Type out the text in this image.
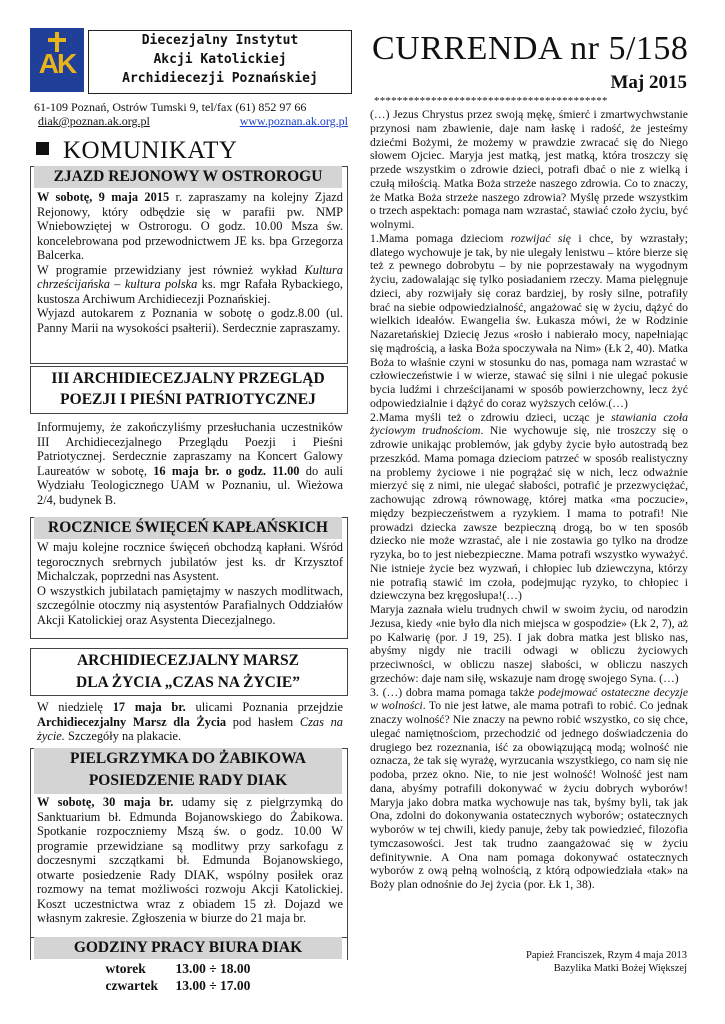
AK
Diecezjalny Instytut
Akcji Katolickiej
Archidiecezji Poznańskiej
61-109 Poznań, Ostrów Tumski 9, tel/fax (61) 852 97 66
diak@poznan.ak.org.pl	www.poznan.ak.org.pl
KOMUNIKATY
CURRENDA nr 5/158
Maj 2015
*****************************************
ZJAZD REJONOWY W OSTROROGU

W sobotę, 9 maja 2015 r. zapraszamy na kolejny Zjazd Rejonowy, który odbędzie się w parafii pw. NMP Wniebowziętej w Ostrorogu. O godz. 10.00 Msza św. koncelebrowana pod przewodnictwem JE ks. bpa Grzegorza Balcerka.

W programie przewidziany jest również wykład Kultura chrześcijańska – kultura polska ks. mgr Rafała Rybackiego, kustosza Archiwum Archidiecezji Poznańskiej.

Wyjazd autokarem z Poznania w sobotę o godz.8.00 (ul. Panny Marii na wysokości psałterii). Serdecznie zapraszamy.

III ARCHIDIECEZJALNY PRZEGLĄD
POEZJI I PIEŚNI PATRIOTYCZNEJ

Informujemy, że zakończyliśmy przesłuchania uczestników III Archidiecezjalnego Przeglądu Poezji i Pieśni Patriotycznej. Serdecznie zapraszamy na Koncert Galowy Laureatów w sobotę, 16 maja br. o godz. 11.00 do auli Wydziału Teologicznego UAM w Poznaniu, ul. Wieżowa 2/4, budynek B.

ROCZNICE ŚWIĘCEŃ KAPŁAŃSKICH

W maju kolejne rocznice święceń obchodzą kapłani. Wśród tegorocznych srebrnych jubilatów jest ks. dr Krzysztof Michalczak, poprzedni nas Asystent.

O wszystkich jubilatach pamiętajmy w naszych modlitwach, szczególnie otoczmy nią asystentów Parafialnych Oddziałów Akcji Katolickiej oraz Asystenta Diecezjalnego.

ARCHIDIECEZJALNY MARSZ
DLA ŻYCIA „CZAS NA ŻYCIE”

W niedzielę 17 maja br. ulicami Poznania przejdzie Archidiecezjalny Marsz dla Życia pod hasłem Czas na życie. Szczegóły na plakacie.

PIELGRZYMKA DO ŻABIKOWA
POSIEDZENIE RADY DIAK

W sobotę, 30 maja br. udamy się z pielgrzymką do Sanktuarium bł. Edmunda Bojanowskiego do Żabikowa. Spotkanie rozpoczniemy Mszą św. o godz. 10.00 W programie przewidziane są modlitwy przy sarkofagu z doczesnymi szczątkami bł. Edmunda Bojanowskiego, otwarte posiedzenie Rady DIAK, wspólny posiłek oraz rozmowy na temat możliwości rozwoju Akcji Katolickiej. Koszt uczestnictwa wraz z obiadem 15 zł. Dojazd we własnym zakresie. Zgłoszenia w biurze do 21 maja br.

GODZINY PRACY BIURA DIAK
wtorek	13.00 ÷ 18.00
czwartek	13.00 ÷ 17.00

(…) Jezus Chrystus przez swoją mękę, śmierć i zmartwychwstanie przynosi nam zbawienie, daje nam łaskę i radość, że jesteśmy dziećmi Bożymi, że możemy w prawdzie zwracać się do Niego słowem Ojciec. Maryja jest matką, jest matką, która troszczy się przede wszystkim o zdrowie dzieci, potrafi dbać o nie z wielką i czułą miłością. Matka Boża strzeże naszego zdrowia. Co to znaczy, że Matka Boża strzeże naszego zdrowia? Myślę przede wszystkim o trzech aspektach: pomaga nam wzrastać, stawiać czoło życiu, być wolnymi.

1.Mama pomaga dzieciom rozwijać się i chce, by wzrastały; dlatego wychowuje je tak, by nie ulegały lenistwu – które bierze się też z pewnego dobrobytu – by nie poprzestawały na wygodnym życiu, zadowalając się tylko posiadaniem rzeczy. Mama pielęgnuje dzieci, aby rozwijały się coraz bardziej, by rosły silne, potrafiły brać na siebie odpowiedzialność, angażować się w życiu, dążyć do wielkich ideałów. Ewangelia św. Łukasza mówi, że w Rodzinie Nazaretańskiej Dziecię Jezus «rosło i nabierało mocy, napełniając się mądrością, a łaska Boża spoczywała na Nim» (Łk 2, 40). Matka Boża to właśnie czyni w stosunku do nas, pomaga nam wzrastać w człowieczeństwie i w wierze, stawać się silni i nie ulegać pokusie bycia ludźmi i chrześcijanami w sposób powierzchowny, lecz żyć odpowiedzialnie i dążyć do coraz wyższych celów.(…)

2.Mama myśli też o zdrowiu dzieci, ucząc je stawiania czoła życiowym trudnościom. Nie wychowuje się, nie troszczy się o zdrowie unikając problemów, jak gdyby życie było autostradą bez przeszkód. Mama pomaga dzieciom patrzeć w sposób realistyczny na problemy życiowe i nie pogrążać się w nich, lecz odważnie mierzyć się z nimi, nie ulegać słabości, potrafić je przezwyciężać, zachowując zdrową równowagę, której matka «ma poczucie», między bezpieczeństwem a ryzykiem. I mama to potrafi! Nie prowadzi dziecka zawsze bezpieczną drogą, bo w ten sposób dziecko nie może wzrastać, ale i nie zostawia go tylko na drodze ryzyka, bo to jest niebezpieczne. Mama potrafi wszystko wyważyć. Nie istnieje życie bez wyzwań, i chłopiec lub dziewczyna, którzy nie potrafią stawić im czoła, podejmując ryzyko, to chłopiec i dziewczyna bez kręgosłupa!(…)

Maryja zaznała wielu trudnych chwil w swoim życiu, od narodzin Jezusa, kiedy «nie było dla nich miejsca w gospodzie» (Łk 2, 7), aż po Kalwarię (por. J 19, 25). I jak dobra matka jest blisko nas, abyśmy nigdy nie tracili odwagi w obliczu życiowych przeciwności, w obliczu naszej słabości, w obliczu naszych grzechów: daje nam siłę, wskazuje nam drogę swojego Syna. (…)

3. (…) dobra mama pomaga także podejmować ostateczne decyzje w wolności. To nie jest łatwe, ale mama potrafi to robić. Co jednak znaczy wolność? Nie znaczy na pewno robić wszystko, co się chce, ulegać namiętnościom, przechodzić od jednego doświadczenia do drugiego bez rozeznania, iść za obowiązującą modą; wolność nie oznacza, że tak się wyrażę, wyrzucania wszystkiego, co nam się nie podoba, przez okno. Nie, to nie jest wolność! Wolność jest nam dana, abyśmy potrafili dokonywać w życiu dobrych wyborów! Maryja jako dobra matka wychowuje nas tak, byśmy byli, tak jak Ona, zdolni do dokonywania ostatecznych wyborów; ostatecznych wyborów w tej chwili, kiedy panuje, żeby tak powiedzieć, filozofia tymczasowości. Jest tak trudno zaangażować się w życiu definitywnie. A Ona nam pomaga dokonywać ostatecznych wyborów z ową pełną wolnością, z którą odpowiedziała «tak» na Boży plan odnośnie do Jej życia (por. Łk 1, 38).

Papież Franciszek, Rzym 4 maja 2013
Bazylika Matki Bożej Większej
